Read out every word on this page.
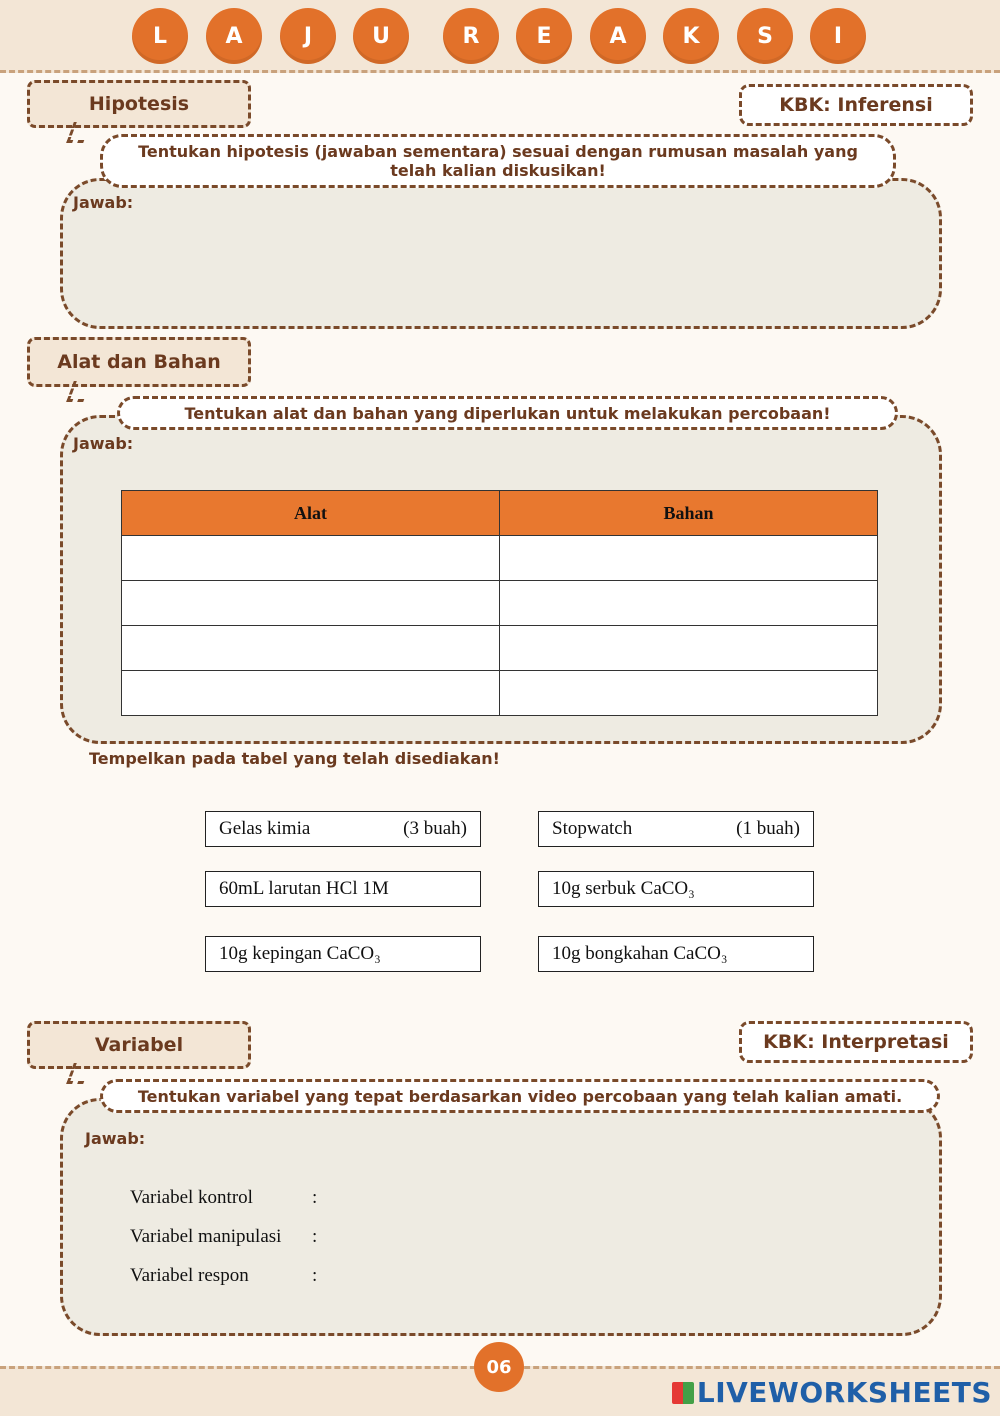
L	A	J	U	R	E	A	K	S	I
Hipotesis	KBK: Inferensi
Tentukan hipotesis (jawaban sementara) sesuai dengan rumusan masalah yang telah kalian diskusikan!
Jawab:
Alat dan Bahan
Tentukan alat dan bahan yang diperlukan untuk melakukan percobaan!
Jawab:
Alat	Bahan

Tempelkan pada tabel yang telah disediakan!
Gelas kimia	(3 buah)	Stopwatch	(1 buah)
60mL larutan HCl 1M	10g serbuk CaCO₃
10g kepingan CaCO₃	10g bongkahan CaCO₃
Variabel	KBK: Interpretasi
Tentukan variabel yang tepat berdasarkan video percobaan yang telah kalian amati.
Jawab:
Variabel kontrol	:
Variabel manipulasi :
Variabel respon	:
06
LIVEWORKSHEETS
